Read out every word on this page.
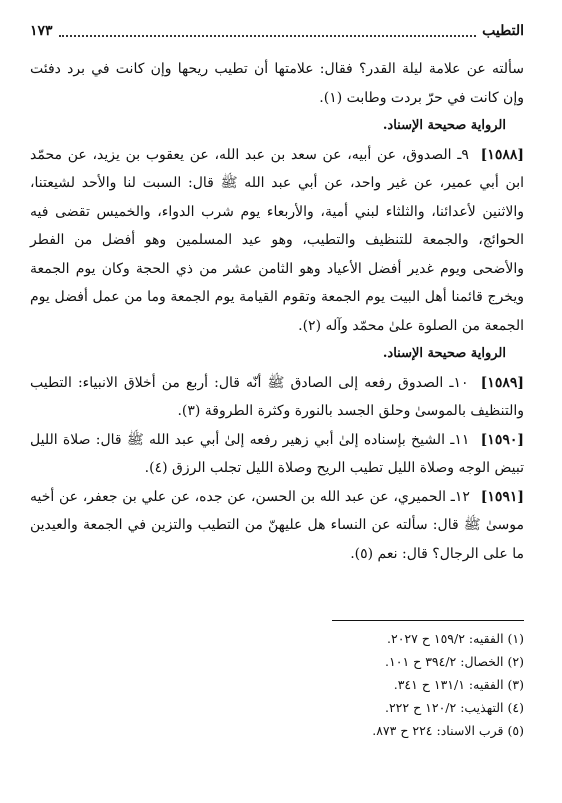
التطيب
١٧٣

سألته عن علامة ليلة القدر؟ فقال: علامتها أن تطيب ريحها وإن كانت في برد دفئت وإن كانت في حرّ بردت وطابت (١).

الرواية صحيحة الإسناد.

[١٥٨٨] ٩ـ الصدوق، عن أبيه، عن سعد بن عبد الله، عن يعقوب بن يزيد، عن محمّد ابن أبي عمير، عن غير واحد، عن أبي عبد الله ﷺ قال: السبت لنا والأحد لشيعتنا، والاثنين لأعدائنا، والثلثاء لبني أمية، والأربعاء يوم شرب الدواء، والخميس تقضى فيه الحوائج، والجمعة للتنظيف والتطيب، وهو عيد المسلمين وهو أفضل من الفطر والأضحى ويوم غدير أفضل الأعياد وهو الثامن عشر من ذي الحجة وكان يوم الجمعة ويخرج قائمنا أهل البيت يوم الجمعة وتقوم القيامة يوم الجمعة وما من عمل أفضل يوم الجمعة من الصلوة علىٰ محمّد وآله (٢).

الرواية صحيحة الإسناد.

[١٥٨٩] ١٠ـ الصدوق رفعه إلى الصادق ﷺ أنّه قال: أربع من أخلاق الانبياء: التطيب والتنظيف بالموسىٰ وحلق الجسد بالنورة وكثرة الطروقة (٣).

[١٥٩٠] ١١ـ الشيخ بإسناده إلىٰ أبي زهير رفعه إلىٰ أبي عبد الله ﷺ قال: صلاة الليل تبيض الوجه وصلاة الليل تطيب الريح وصلاة الليل تجلب الرزق (٤).

[١٥٩١] ١٢ـ الحميري، عن عبد الله بن الحسن، عن جده، عن علي بن جعفر، عن أخيه موسىٰ ﷺ قال: سألته عن النساء هل عليهنّ من التطيب والتزين في الجمعة والعيدين ما على الرجال؟ قال: نعم (٥).

(١) الفقيه: ١٥٩/٢ ح ٢٠٢٧.
(٢) الخصال: ٣٩٤/٢ ح ١٠١.
(٣) الفقيه: ١٣١/١ ح ٣٤١.
(٤) التهذيب: ١٢٠/٢ ح ٢٢٢.
(٥) قرب الاسناد: ٢٢٤ ح ٨٧٣.
